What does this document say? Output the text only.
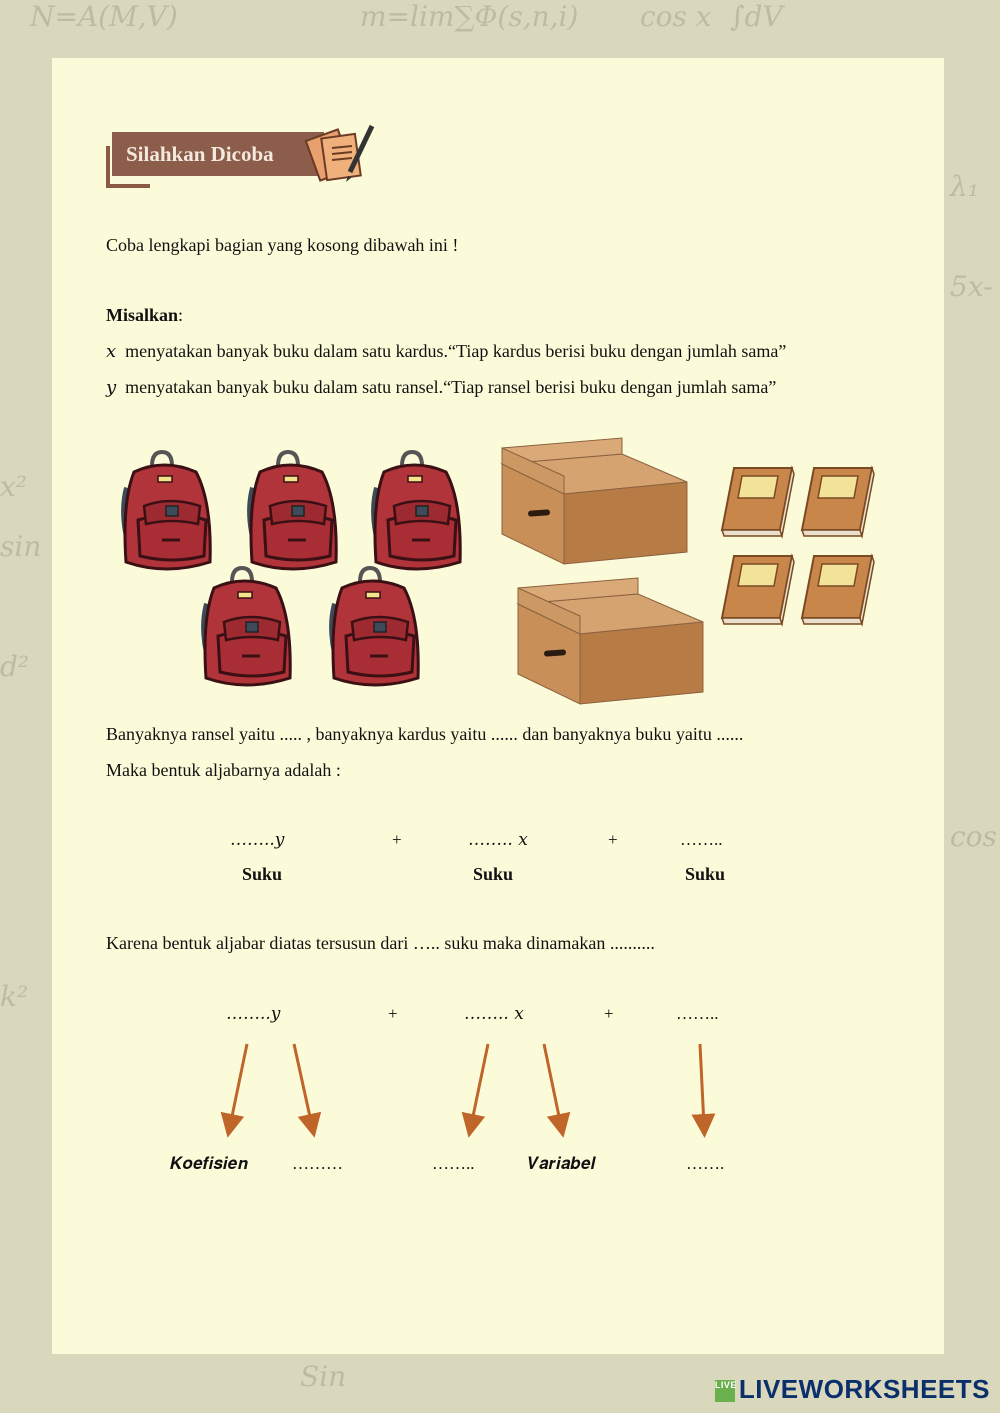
N=A(M,V)	m=lim∑Φ(s,n,i) cos x ∫dV
sin
x²
5x-
cos
d²
Sin
λ₁
k²
Silahkan Dicoba
Coba lengkapi bagian yang kosong dibawah ini !
Misalkan:
x menyatakan banyak buku dalam satu kardus.“Tiap kardus berisi buku dengan jumlah sama”
y menyatakan banyak buku dalam satu ransel.“Tiap ransel berisi buku dengan jumlah sama”
Banyaknya ransel yaitu ..... , banyaknya kardus yaitu ...... dan banyaknya buku yaitu ......
Maka bentuk aljabarnya adalah :
……..𝑦	+	…….. 𝑥	+	……..
Suku	Suku	Suku
Karena bentuk aljabar diatas tersusun dari ….. suku maka dinamakan ..........
……..𝑦	+	…….. 𝑥	+	……..
𝑲𝒐𝒆𝒇𝒊𝒔𝒊𝒆𝒏	………	……..	𝑽𝒂𝒓𝒊𝒂𝒃𝒆𝒍	…….
LIVELIVEWORKSHEETS
